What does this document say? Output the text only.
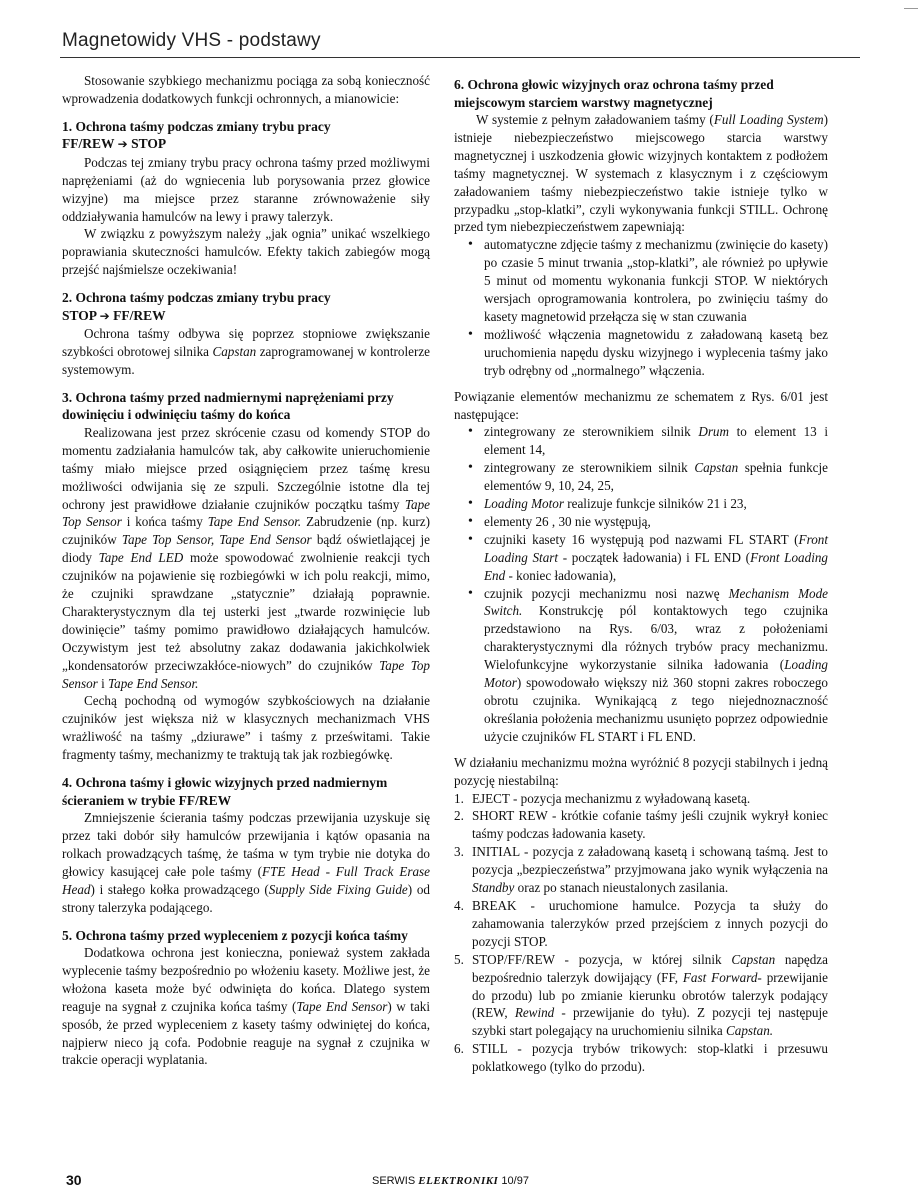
Magnetowidy VHS - podstawy

Stosowanie szybkiego mechanizmu pociąga za sobą konieczność wprowadzenia dodatkowych funkcji ochronnych, a mianowicie:

1. Ochrona taśmy podczas zmiany trybu pracy
FF/REW ➔ STOP

Podczas tej zmiany trybu pracy ochrona taśmy przed możliwymi naprężeniami (aż do wgniecenia lub porysowania przez głowice wizyjne) ma miejsce przez staranne zrównoważenie siły oddziaływania hamulców na lewy i prawy talerzyk.

W związku z powyższym należy „jak ognia” unikać wszelkiego poprawiania skuteczności hamulców. Efekty takich zabiegów mogą przejść najśmielsze oczekiwania!

2. Ochrona taśmy podczas zmiany trybu pracy
STOP ➔ FF/REW

Ochrona taśmy odbywa się poprzez stopniowe zwiększanie szybkości obrotowej silnika Capstan zaprogramowanej w kontrolerze systemowym.

3. Ochrona taśmy przed nadmiernymi naprężeniami przy dowinięciu i odwinięciu taśmy do końca

Realizowana jest przez skrócenie czasu od komendy STOP do momentu zadziałania hamulców tak, aby całkowite unieruchomienie taśmy miało miejsce przed osiągnięciem przez taśmę kresu możliwości odwijania się ze szpuli. Szczególnie istotne dla tej ochrony jest prawidłowe działanie czujników początku taśmy Tape Top Sensor i końca taśmy Tape End Sensor. Zabrudzenie (np. kurz) czujników Tape Top Sensor, Tape End Sensor bądź oświetlającej je diody Tape End LED może spowodować zwolnienie reakcji tych czujników na pojawienie się rozbiegówki w ich polu reakcji, mimo, że czujniki sprawdzane „statycznie” działają poprawnie. Charakterystycznym dla tej usterki jest „twarde rozwinięcie lub dowinięcie” taśmy pomimo prawidłowo działających hamulców. Oczywistym jest też absolutny zakaz dodawania jakichkolwiek „kondensatorów przeciwzakłóce-niowych” do czujników Tape Top Sensor i Tape End Sensor.

Cechą pochodną od wymogów szybkościowych na działanie czujników jest większa niż w klasycznych mechanizmach VHS wrażliwość na taśmy „dziurawe” i taśmy z prześwitami. Takie fragmenty taśmy, mechanizmy te traktują tak jak rozbiegówkę.

4. Ochrona taśmy i głowic wizyjnych przed nadmiernym ścieraniem w trybie FF/REW

Zmniejszenie ścierania taśmy podczas przewijania uzyskuje się przez taki dobór siły hamulców przewijania i kątów opasania na rolkach prowadzących taśmę, że taśma w tym trybie nie dotyka do głowicy kasującej całe pole taśmy (FTE Head - Full Track Erase Head) i stałego kołka prowadzącego (Supply Side Fixing Guide) od strony talerzyka podającego.

5. Ochrona taśmy przed wypleceniem z pozycji końca taśmy

Dodatkowa ochrona jest konieczna, ponieważ system zakłada wyplecenie taśmy bezpośrednio po włożeniu kasety. Możliwe jest, że włożona kaseta może być odwinięta do końca. Dlatego system reaguje na sygnał z czujnika końca taśmy (Tape End Sensor) w taki sposób, że przed wypleceniem z kasety taśmy odwiniętej do końca, najpierw nieco ją cofa. Podobnie reaguje na sygnał z czujnika w trakcie operacji wyplatania.

6. Ochrona głowic wizyjnych oraz ochrona taśmy przed miejscowym starciem warstwy magnetycznej

W systemie z pełnym załadowaniem taśmy (Full Loading System) istnieje niebezpieczeństwo miejscowego starcia warstwy magnetycznej i uszkodzenia głowic wizyjnych kontaktem z podłożem taśmy magnetycznej. W systemach z klasycznym i z częściowym załadowaniem taśmy niebezpieczeństwo takie istnieje tylko w przypadku „stop-klatki”, czyli wykonywania funkcji STILL. Ochronę przed tym niebezpieczeństwem zapewniają:

• automatyczne zdjęcie taśmy z mechanizmu (zwinięcie do kasety) po czasie 5 minut trwania „stop-klatki”, ale również po upływie 5 minut od momentu wykonania funkcji STOP. W niektórych wersjach oprogramowania kontrolera, po zwinięciu taśmy do kasety magnetowid przełącza się w stan czuwania
• możliwość włączenia magnetowidu z załadowaną kasetą bez uruchomienia napędu dysku wizyjnego i wyplecenia taśmy jako tryb odrębny od „normalnego” włączenia.

Powiązanie elementów mechanizmu ze schematem z Rys. 6/01 jest następujące:

• zintegrowany ze sterownikiem silnik Drum to element 13 i element 14,
• zintegrowany ze sterownikiem silnik Capstan spełnia funkcje elementów 9, 10, 24, 25,
• Loading Motor realizuje funkcje silników 21 i 23,
• elementy 26 , 30 nie występują,
• czujniki kasety 16 występują pod nazwami FL START (Front Loading Start - początek ładowania) i FL END (Front Loading End - koniec ładowania),
• czujnik pozycji mechanizmu nosi nazwę Mechanism Mode Switch. Konstrukcję pól kontaktowych tego czujnika przedstawiono na Rys. 6/03, wraz z położeniami charakterystycznymi dla różnych trybów pracy mechanizmu. Wielofunkcyjne wykorzystanie silnika ładowania (Loading Motor) spowodowało większy niż 360 stopni zakres roboczego obrotu czujnika. Wynikającą z tego niejednoznaczność określania położenia mechanizmu usunięto poprzez odpowiednie użycie czujników FL START i FL END.

W działaniu mechanizmu można wyróżnić 8 pozycji stabilnych i jedną pozycję niestabilną:

1. EJECT - pozycja mechanizmu z wyładowaną kasetą.
2. SHORT REW - krótkie cofanie taśmy jeśli czujnik wykrył koniec taśmy podczas ładowania kasety.
3. INITIAL - pozycja z załadowaną kasetą i schowaną taśmą. Jest to pozycja „bezpieczeństwa” przyjmowana jako wynik wyłączenia na Standby oraz po stanach nieustalonych zasilania.
4. BREAK - uruchomione hamulce. Pozycja ta służy do zahamowania talerzyków przed przejściem z innych pozycji do pozycji STOP.
5. STOP/FF/REW - pozycja, w której silnik Capstan napędza bezpośrednio talerzyk dowijający (FF, Fast Forward- przewijanie do przodu) lub po zmianie kierunku obrotów talerzyk podający (REW, Rewind - przewijanie do tyłu). Z pozycji tej następuje szybki start polegający na uruchomieniu silnika Capstan.
6. STILL - pozycja trybów trikowych: stop-klatki i przesuwu poklatkowego (tylko do przodu).
30	SERWIS ELEKTRONIKI 10/97
